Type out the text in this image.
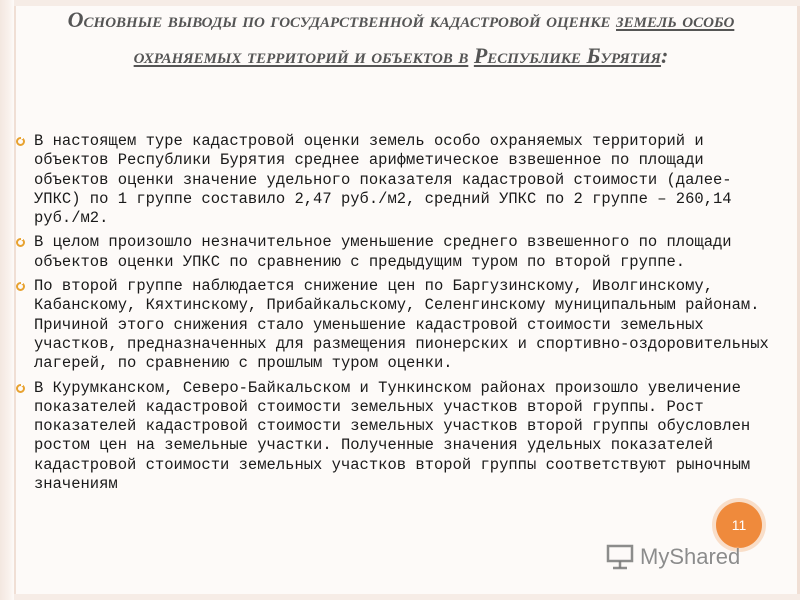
Основные выводы по государственной кадастровой оценке земель особо охраняемых территорий и объектов в Республике Бурятия:
В настоящем туре кадастровой оценки земель особо охраняемых территорий и объектов Республики Бурятия среднее арифметическое взвешенное по площади объектов оценки значение удельного показателя кадастровой стоимости (далее-УПКС) по 1 группе составило 2,47 руб./м2, средний УПКС по 2 группе – 260,14 руб./м2.
В целом произошло незначительное уменьшение среднего взвешенного по площади объектов оценки УПКС по сравнению с предыдущим туром по второй группе.
По второй группе наблюдается снижение цен по Баргузинскому, Иволгинскому, Кабанскому, Кяхтинскому, Прибайкальскому, Селенгинскому муниципальным районам. Причиной этого снижения стало уменьшение кадастровой стоимости земельных участков, предназначенных для размещения пионерских и спортивно-оздоровительных лагерей, по сравнению с прошлым туром оценки.
В Курумканском, Северо-Байкальском и Тункинском районах произошло увеличение показателей кадастровой стоимости земельных участков второй группы. Рост показателей кадастровой стоимости земельных участков второй группы обусловлен ростом цен на земельные участки. Полученные значения удельных показателей кадастровой стоимости земельных участков второй группы соответствуют рыночным значениям
11
MyShared
